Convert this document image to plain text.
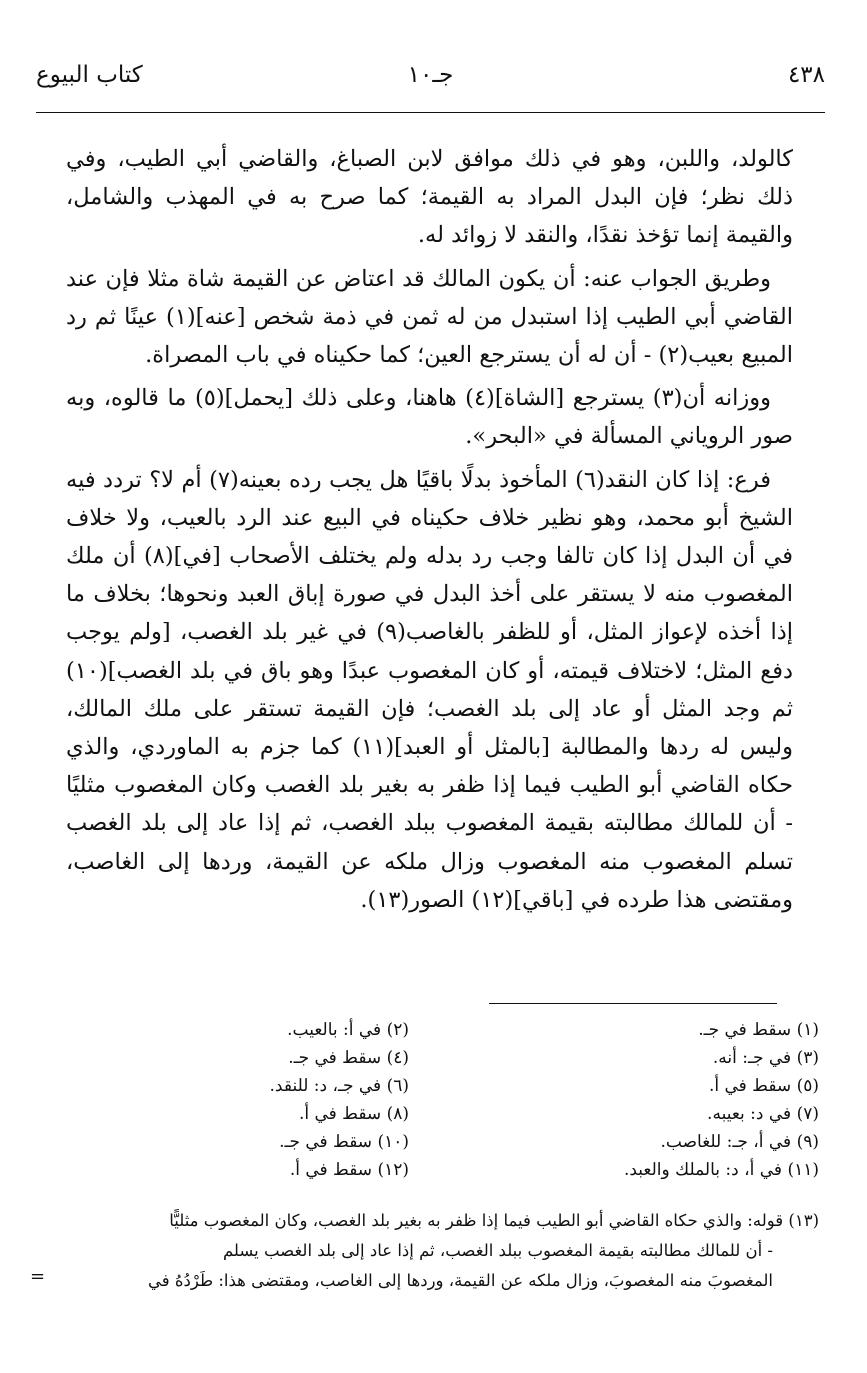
٤٣٨
جـ١٠
كتاب البيوع

كالولد، واللبن، وهو في ذلك موافق لابن الصباغ، والقاضي أبي الطيب، وفي ذلك نظر؛ فإن البدل المراد به القيمة؛ كما صرح به في المهذب والشامل، والقيمة إنما تؤخذ نقدًا، والنقد لا زوائد له.

وطريق الجواب عنه: أن يكون المالك قد اعتاض عن القيمة شاة مثلا فإن عند القاضي أبي الطيب إذا استبدل من له ثمن في ذمة شخص [عنه](١) عينًا ثم رد المبيع بعيب(٢) - أن له أن يسترجع العين؛ كما حكيناه في باب المصراة.

ووزانه أن(٣) يسترجع [الشاة](٤) هاهنا، وعلى ذلك [يحمل](٥) ما قالوه، وبه صور الروياني المسألة في «البحر».

فرع: إذا كان النقد(٦) المأخوذ بدلًا باقيًا هل يجب رده بعينه(٧) أم لا؟ تردد فيه الشيخ أبو محمد، وهو نظير خلاف حكيناه في البيع عند الرد بالعيب، ولا خلاف في أن البدل إذا كان تالفا وجب رد بدله ولم يختلف الأصحاب [في](٨) أن ملك المغصوب منه لا يستقر على أخذ البدل في صورة إباق العبد ونحوها؛ بخلاف ما إذا أخذه لإعواز المثل، أو للظفر بالغاصب(٩) في غير بلد الغصب، [ولم يوجب دفع المثل؛ لاختلاف قيمته، أو كان المغصوب عبدًا وهو باق في بلد الغصب](١٠) ثم وجد المثل أو عاد إلى بلد الغصب؛ فإن القيمة تستقر على ملك المالك، وليس له ردها والمطالبة [بالمثل أو العبد](١١) كما جزم به الماوردي، والذي حكاه القاضي أبو الطيب فيما إذا ظفر به بغير بلد الغصب وكان المغصوب مثليًا - أن للمالك مطالبته بقيمة المغصوب ببلد الغصب، ثم إذا عاد إلى بلد الغصب تسلم المغصوب منه المغصوب وزال ملكه عن القيمة، وردها إلى الغاصب، ومقتضى هذا طرده في [باقي](١٢) الصور(١٣).

(١) سقط في جـ.
(٢) في أ: بالعيب.
(٣) في جـ: أنه.
(٤) سقط في جـ.
(٥) سقط في أ.
(٦) في جـ، د: للنقد.
(٧) في د: بعيبه.
(٨) سقط في أ.
(٩) في أ، جـ: للغاصب.
(١٠) سقط في جـ.
(١١) في أ، د: بالملك والعبد.
(١٢) سقط في أ.
(١٣) قوله: والذي حكاه القاضي أبو الطيب فيما إذا ظفر به بغير بلد الغصب، وكان المغصوب مثليًّا
- أن للمالك مطالبته بقيمة المغصوب ببلد الغصب، ثم إذا عاد إلى بلد الغصب يسلم
المغصوبَ منه المغصوبَ، وزال ملكه عن القيمة، وردها إلى الغاصب، ومقتضى هذا: طَرْدُهُ في
=
